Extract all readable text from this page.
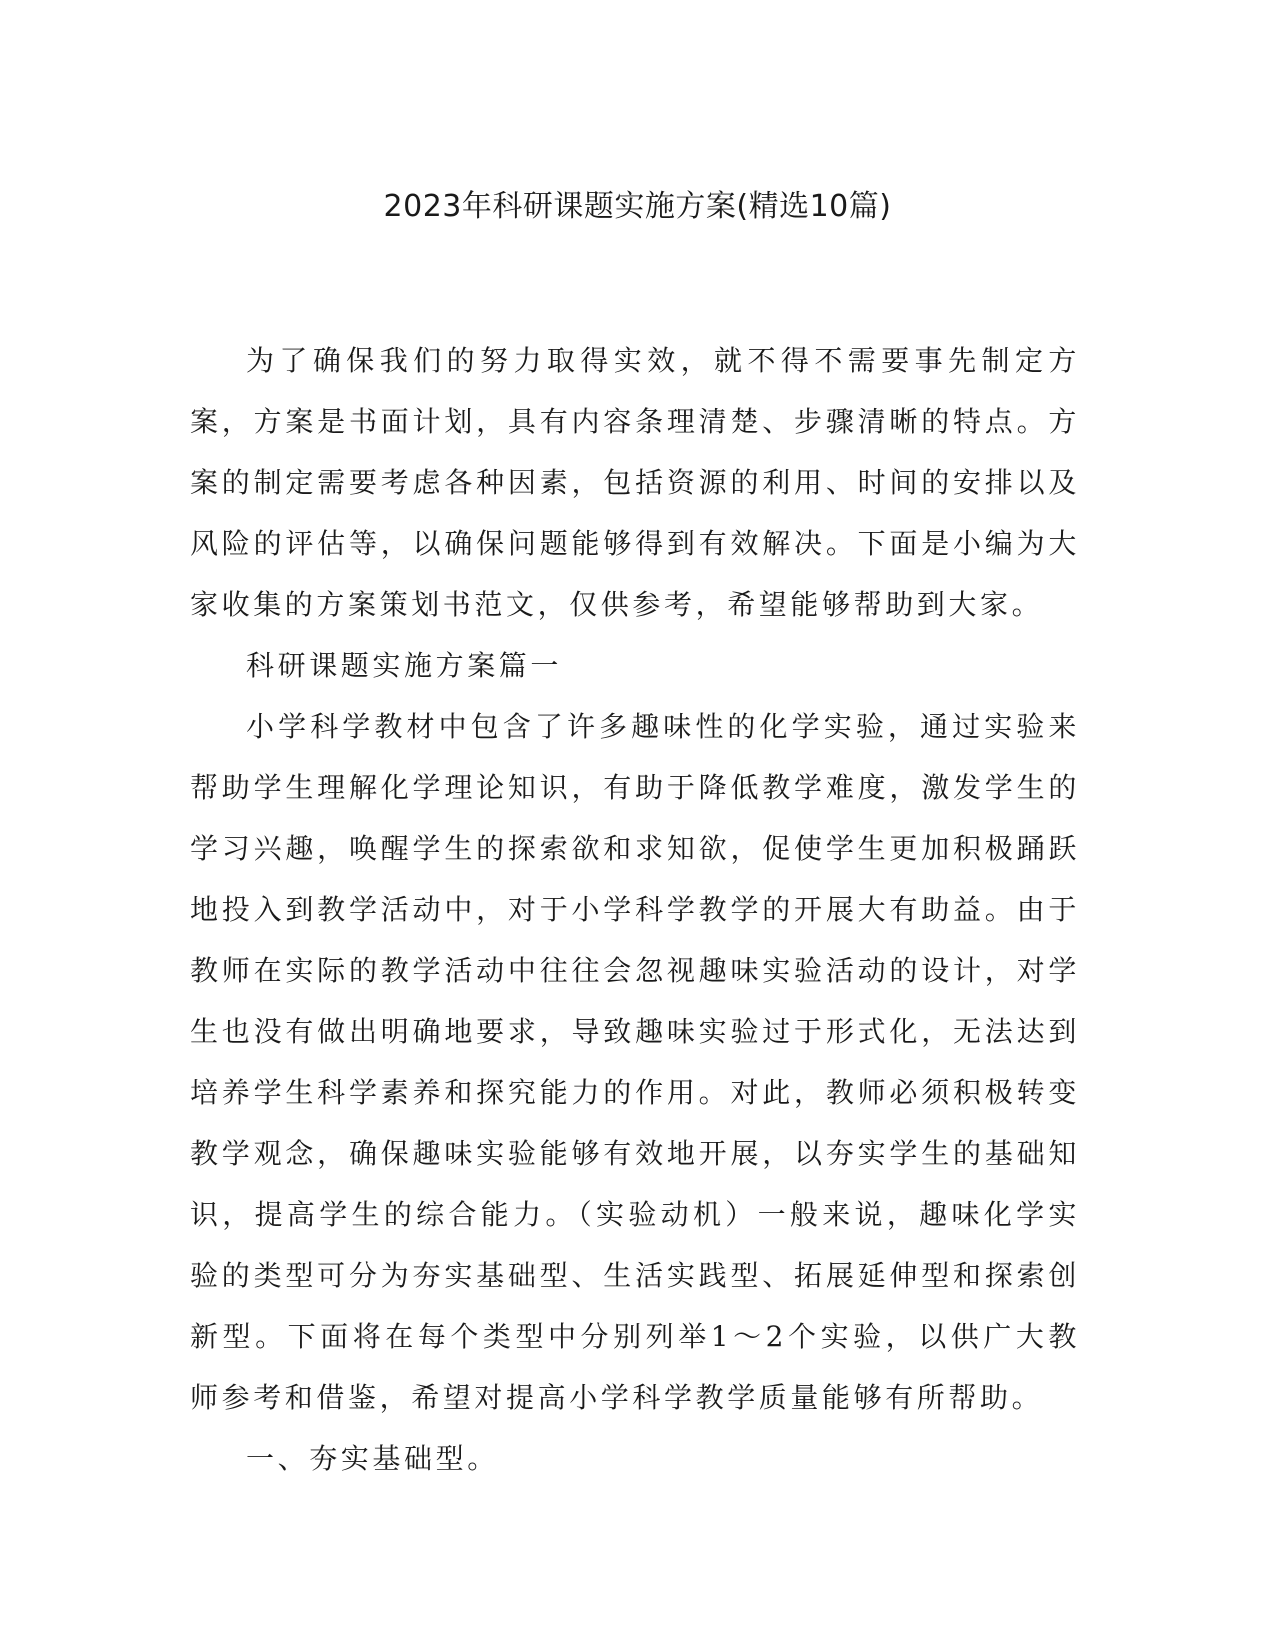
2023年科研课题实施方案(精选10篇)

为了确保我们的努力取得实效，就不得不需要事先制定方案，方案是书面计划，具有内容条理清楚、步骤清晰的特点。方案的制定需要考虑各种因素，包括资源的利用、时间的安排以及风险的评估等，以确保问题能够得到有效解决。下面是小编为大家收集的方案策划书范文，仅供参考，希望能够帮助到大家。

科研课题实施方案篇一

小学科学教材中包含了许多趣味性的化学实验，通过实验来帮助学生理解化学理论知识，有助于降低教学难度，激发学生的学习兴趣，唤醒学生的探索欲和求知欲，促使学生更加积极踊跃地投入到教学活动中，对于小学科学教学的开展大有助益。由于教师在实际的教学活动中往往会忽视趣味实验活动的设计，对学生也没有做出明确地要求，导致趣味实验过于形式化，无法达到培养学生科学素养和探究能力的作用。对此，教师必须积极转变教学观念，确保趣味实验能够有效地开展，以夯实学生的基础知识，提高学生的综合能力。（实验动机）一般来说，趣味化学实验的类型可分为夯实基础型、生活实践型、拓展延伸型和探索创新型。下面将在每个类型中分别列举1～2个实验，以供广大教师参考和借鉴，希望对提高小学科学教学质量能够有所帮助。

一、夯实基础型。
